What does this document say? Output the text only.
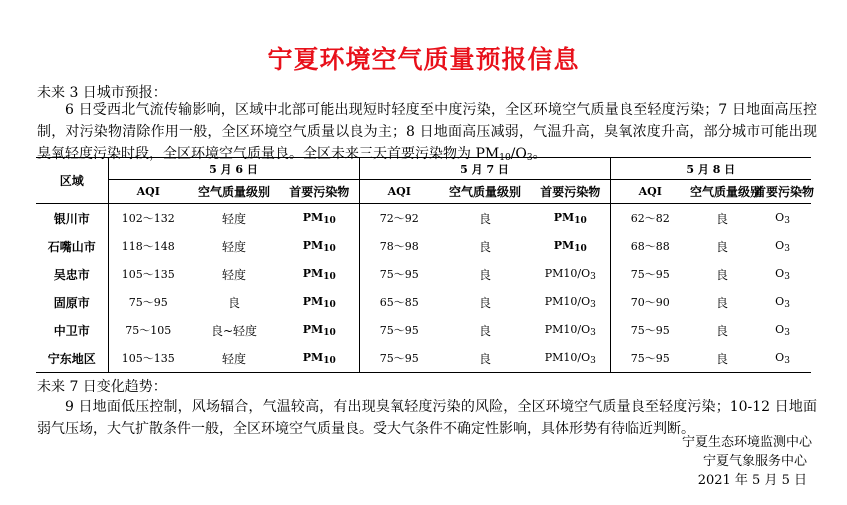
宁夏环境空气质量预报信息
未来 3 日城市预报：
6 日受西北气流传输影响，区域中北部可能出现短时轻度至中度污染，全区环境空气质量良至轻度污染；7 日地面高压控制，对污染物清除作用一般，全区环境空气质量以良为主；8 日地面高压减弱，气温升高，臭氧浓度升高，部分城市可能出现臭氧轻度污染时段，全区环境空气质量良。全区未来三天首要污染物为 $PM_{10}/O_3$。
区域	5 月 6 日			5 月 7 日			5 月 8 日		
	AQI	空气质量级别	首要污染物	AQI	空气质量级别	首要污染物	AQI	空气质量级别	首要污染物
银川市	102～132	轻度	$PM_{10}$	72～92	良	$PM_{10}$	62～82	良	$O_3$
石嘴山市	118～148	轻度	$PM_{10}$	78～98	良	$PM_{10}$	68～88	良	$O_3$
吴忠市	105～135	轻度	$PM_{10}$	75～95	良	$PM10/O_3$	75～95	良	$O_3$
固原市	75～95	良	$PM_{10}$	65～85	良	$PM10/O_3$	70～90	良	$O_3$
中卫市	75～105	良~轻度	$PM_{10}$	75～95	良	$PM10/O_3$	75～95	良	$O_3$
宁东地区	105～135	轻度	$PM_{10}$	75～95	良	$PM10/O_3$	75～95	良	$O_3$
未来 7 日变化趋势：
9 日地面低压控制，风场辐合，气温较高，有出现臭氧轻度污染的风险，全区环境空气质量良至轻度污染；10-12 日地面弱气压场，大气扩散条件一般，全区环境空气质量良。受大气条件不确定性影响，具体形势有待临近判断。
宁夏生态环境监测中心
宁夏气象服务中心
2021 年 5 月 5 日
